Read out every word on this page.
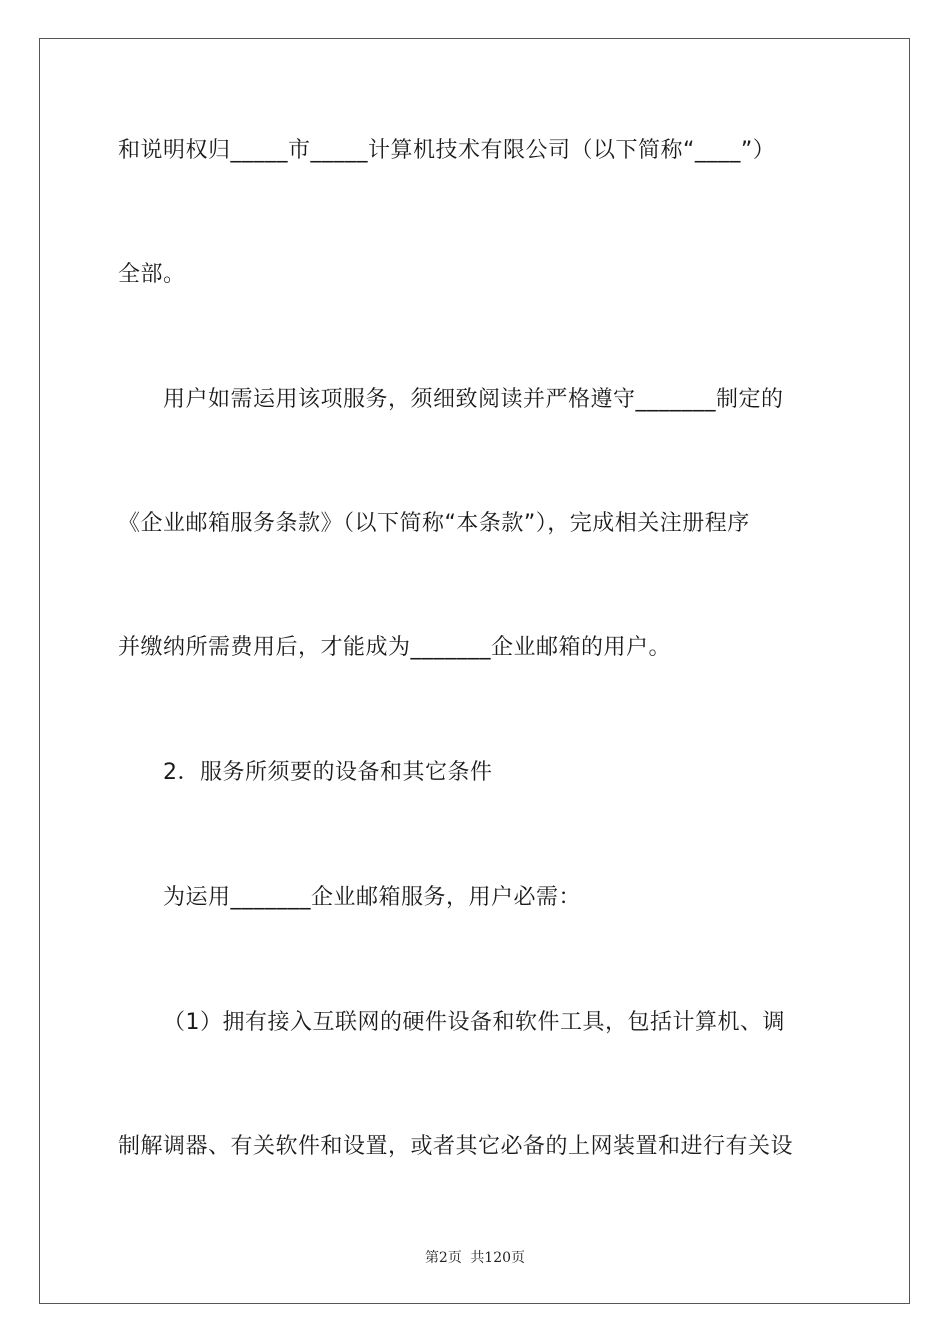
和说明权归_____市_____计算机技术有限公司（以下简称“____”）
全部。
用户如需运用该项服务，须细致阅读并严格遵守_______制定的
《企业邮箱服务条款》（以下简称“本条款”），完成相关注册程序
并缴纳所需费用后，才能成为_______企业邮箱的用户。
2．服务所须要的设备和其它条件
为运用_______企业邮箱服务，用户必需：
（1）拥有接入互联网的硬件设备和软件工具，包括计算机、调
制解调器、有关软件和设置，或者其它必备的上网装置和进行有关设
第2页 共120页
